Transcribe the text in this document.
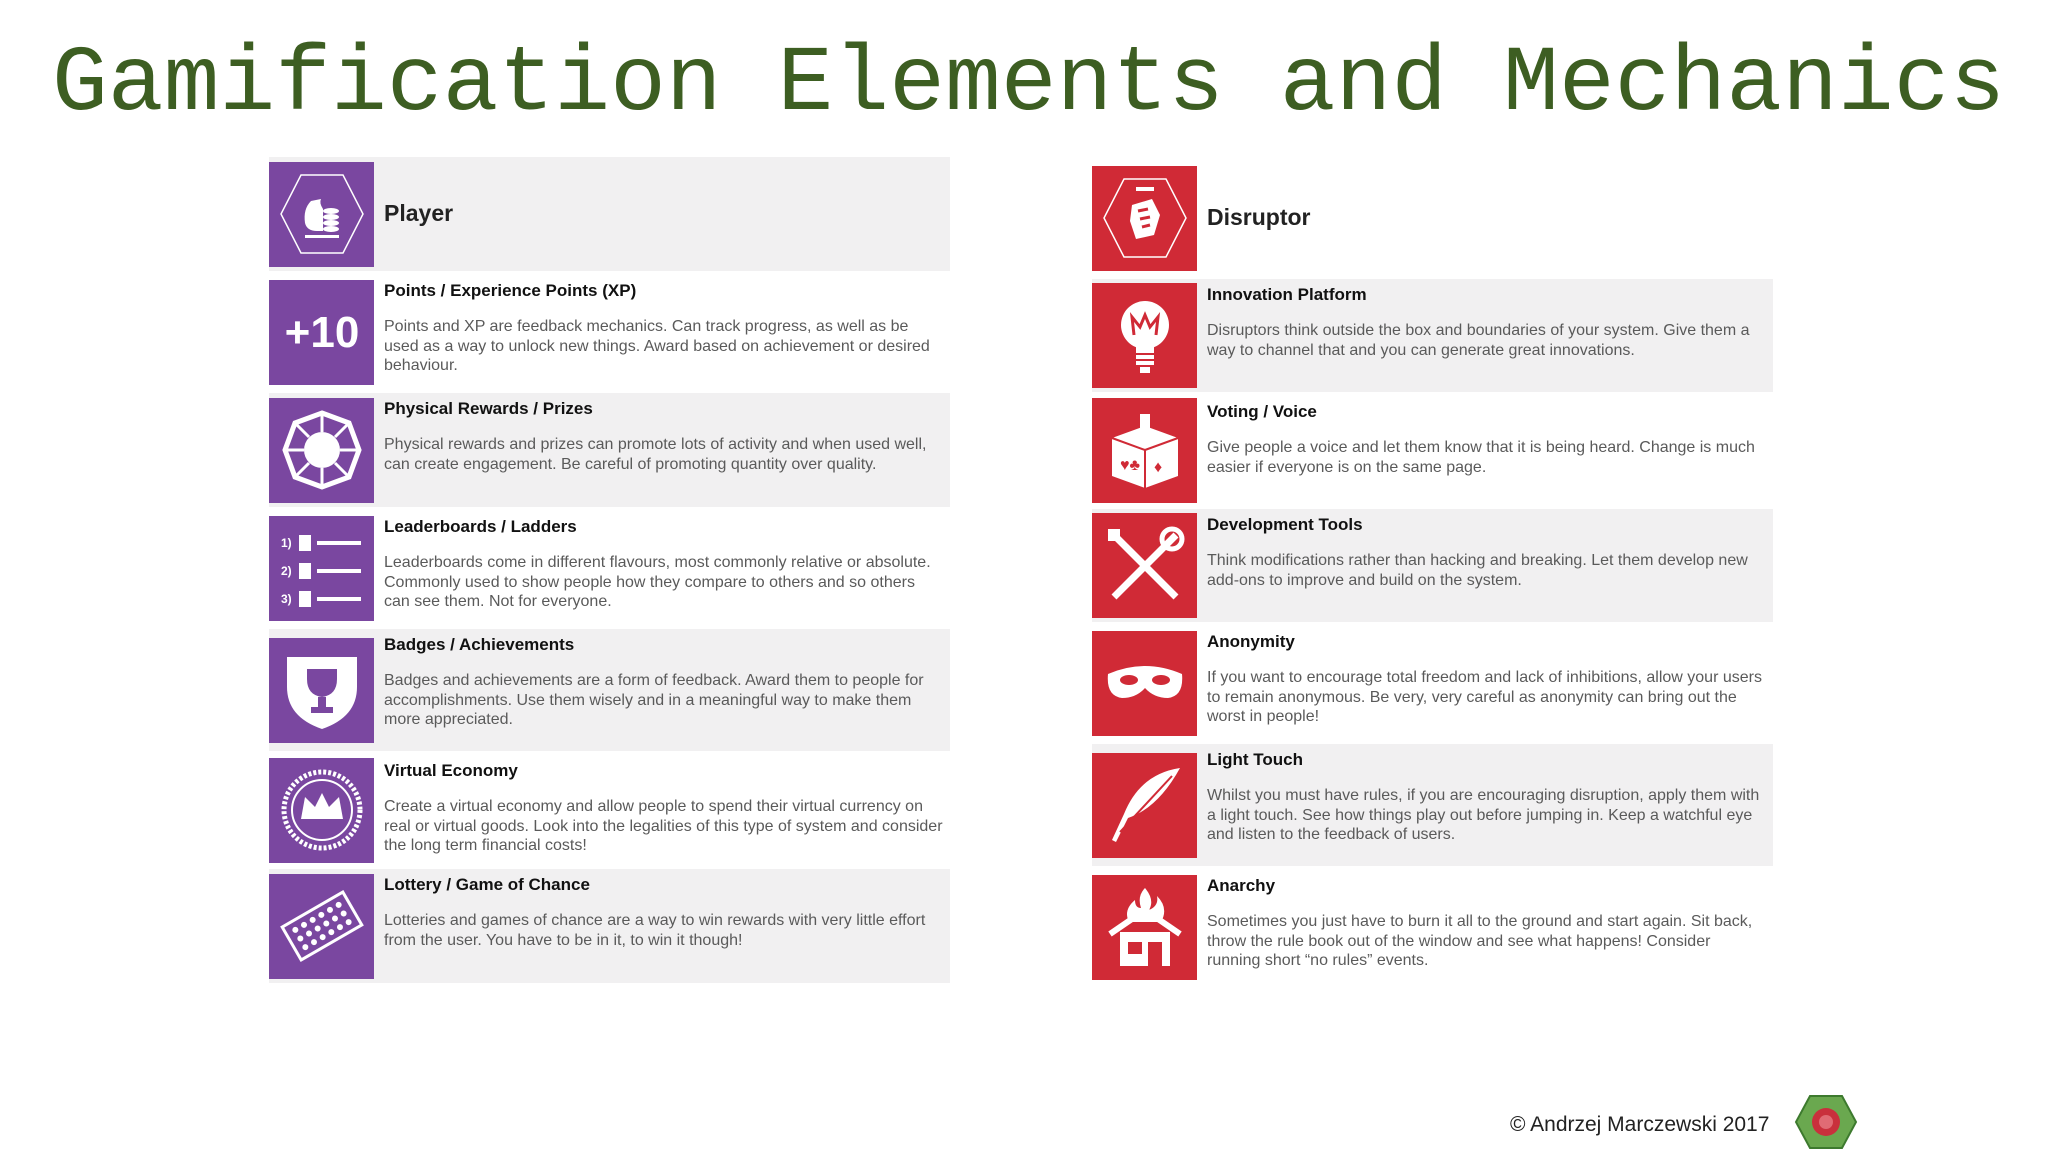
Gamification Elements and Mechanics
Player
+10
Points / Experience Points (XP)
Points and XP are feedback mechanics. Can track progress, as well as be used as a way to unlock new things. Award based on achievement or desired behaviour.
Physical Rewards / Prizes
Physical rewards and prizes can promote lots of activity and when used well, can create engagement. Be careful of promoting quantity over quality.
1)
2)
3)
Leaderboards / Ladders
Leaderboards come in different flavours, most commonly relative or absolute. Commonly used to show people how they compare to others and so others can see them. Not for everyone.
Badges / Achievements
Badges and achievements are a form of feedback. Award them to people for accomplishments. Use them wisely and in a meaningful way to make them more appreciated.
Virtual Economy
Create a virtual economy and allow people to spend their virtual currency on real or virtual goods. Look into the legalities of this type of system and consider the long term financial costs!
Lottery / Game of Chance
Lotteries and games of chance are a way to win rewards with very little effort from the user. You have to be in it, to win it though!
Disruptor
Innovation Platform
Disruptors think outside the box and boundaries of your system. Give them a way to channel that and you can generate great innovations.
♥♣ ♦
Voting / Voice
Give people a voice and let them know that it is being heard. Change is much easier if everyone is on the same page.
Development Tools
Think modifications rather than hacking and breaking. Let them develop new add-ons to improve and build on the system.
Anonymity
If you want to encourage total freedom and lack of inhibitions, allow your users to remain anonymous. Be very, very careful as anonymity can bring out the worst in people!
Light Touch
Whilst you must have rules, if you are encouraging disruption, apply them with a light touch. See how things play out before jumping in. Keep a watchful eye and listen to the feedback of users.
Anarchy
Sometimes you just have to burn it all to the ground and start again. Sit back, throw the rule book out of the window and see what happens! Consider running short “no rules” events.
© Andrzej Marczewski 2017
